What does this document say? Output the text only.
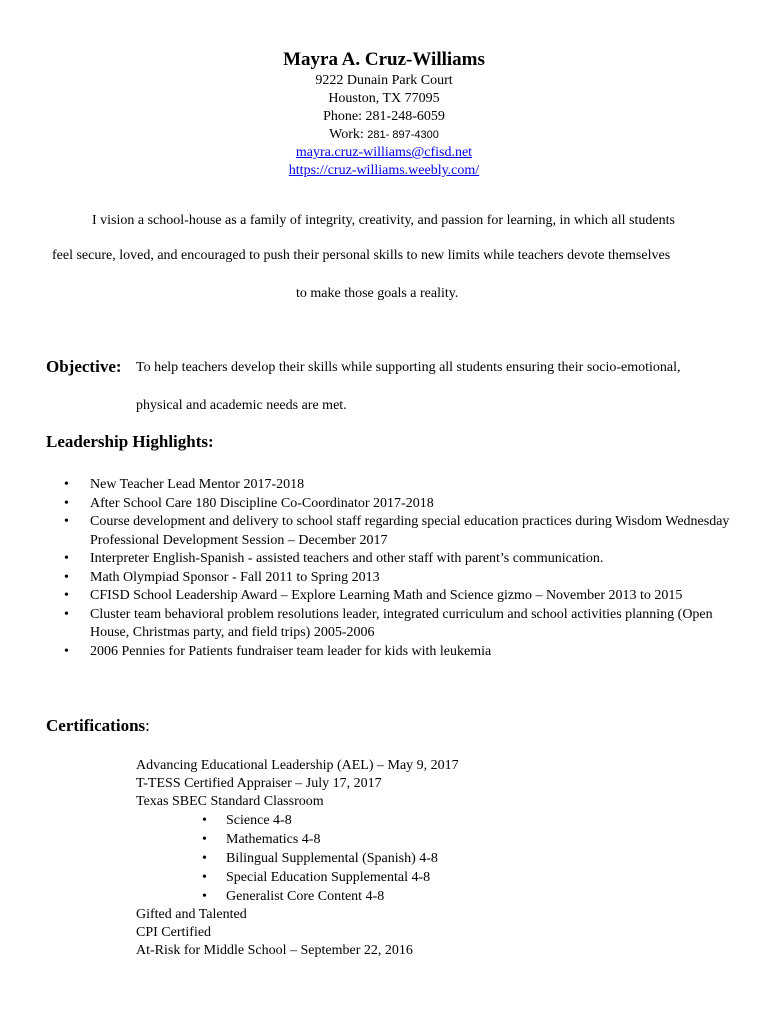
Mayra A. Cruz-Williams
9222 Dunain Park Court
Houston, TX 77095
Phone: 281-248-6059
Work: 281- 897-4300
mayra.cruz-williams@cfisd.net
https://cruz-williams.weebly.com/

I vision a school-house as a family of integrity, creativity, and passion for learning, in which all students

feel secure, loved, and encouraged to push their personal skills to new limits while teachers devote themselves

to make those goals a reality.

Objective: To help teachers develop their skills while supporting all students ensuring their socio-emotional,
physical and academic needs are met.
Leadership Highlights:
• New Teacher Lead Mentor 2017-2018
• After School Care 180 Discipline Co-Coordinator 2017-2018
• Course development and delivery to school staff regarding special education practices during Wisdom Wednesday Professional Development Session – December 2017
• Interpreter English-Spanish - assisted teachers and other staff with parent’s communication.
• Math Olympiad Sponsor - Fall 2011 to Spring 2013
• CFISD School Leadership Award – Explore Learning Math and Science gizmo – November 2013 to 2015
• Cluster team behavioral problem resolutions leader, integrated curriculum and school activities planning (Open House, Christmas party, and field trips) 2005-2006
• 2006 Pennies for Patients fundraiser team leader for kids with leukemia
Certifications:
Advancing Educational Leadership (AEL) – May 9, 2017
T-TESS Certified Appraiser – July 17, 2017
Texas SBEC Standard Classroom
• Science 4-8
• Mathematics 4-8
• Bilingual Supplemental (Spanish) 4-8
• Special Education Supplemental 4-8
• Generalist Core Content 4-8
Gifted and Talented
CPI Certified
At-Risk for Middle School – September 22, 2016
